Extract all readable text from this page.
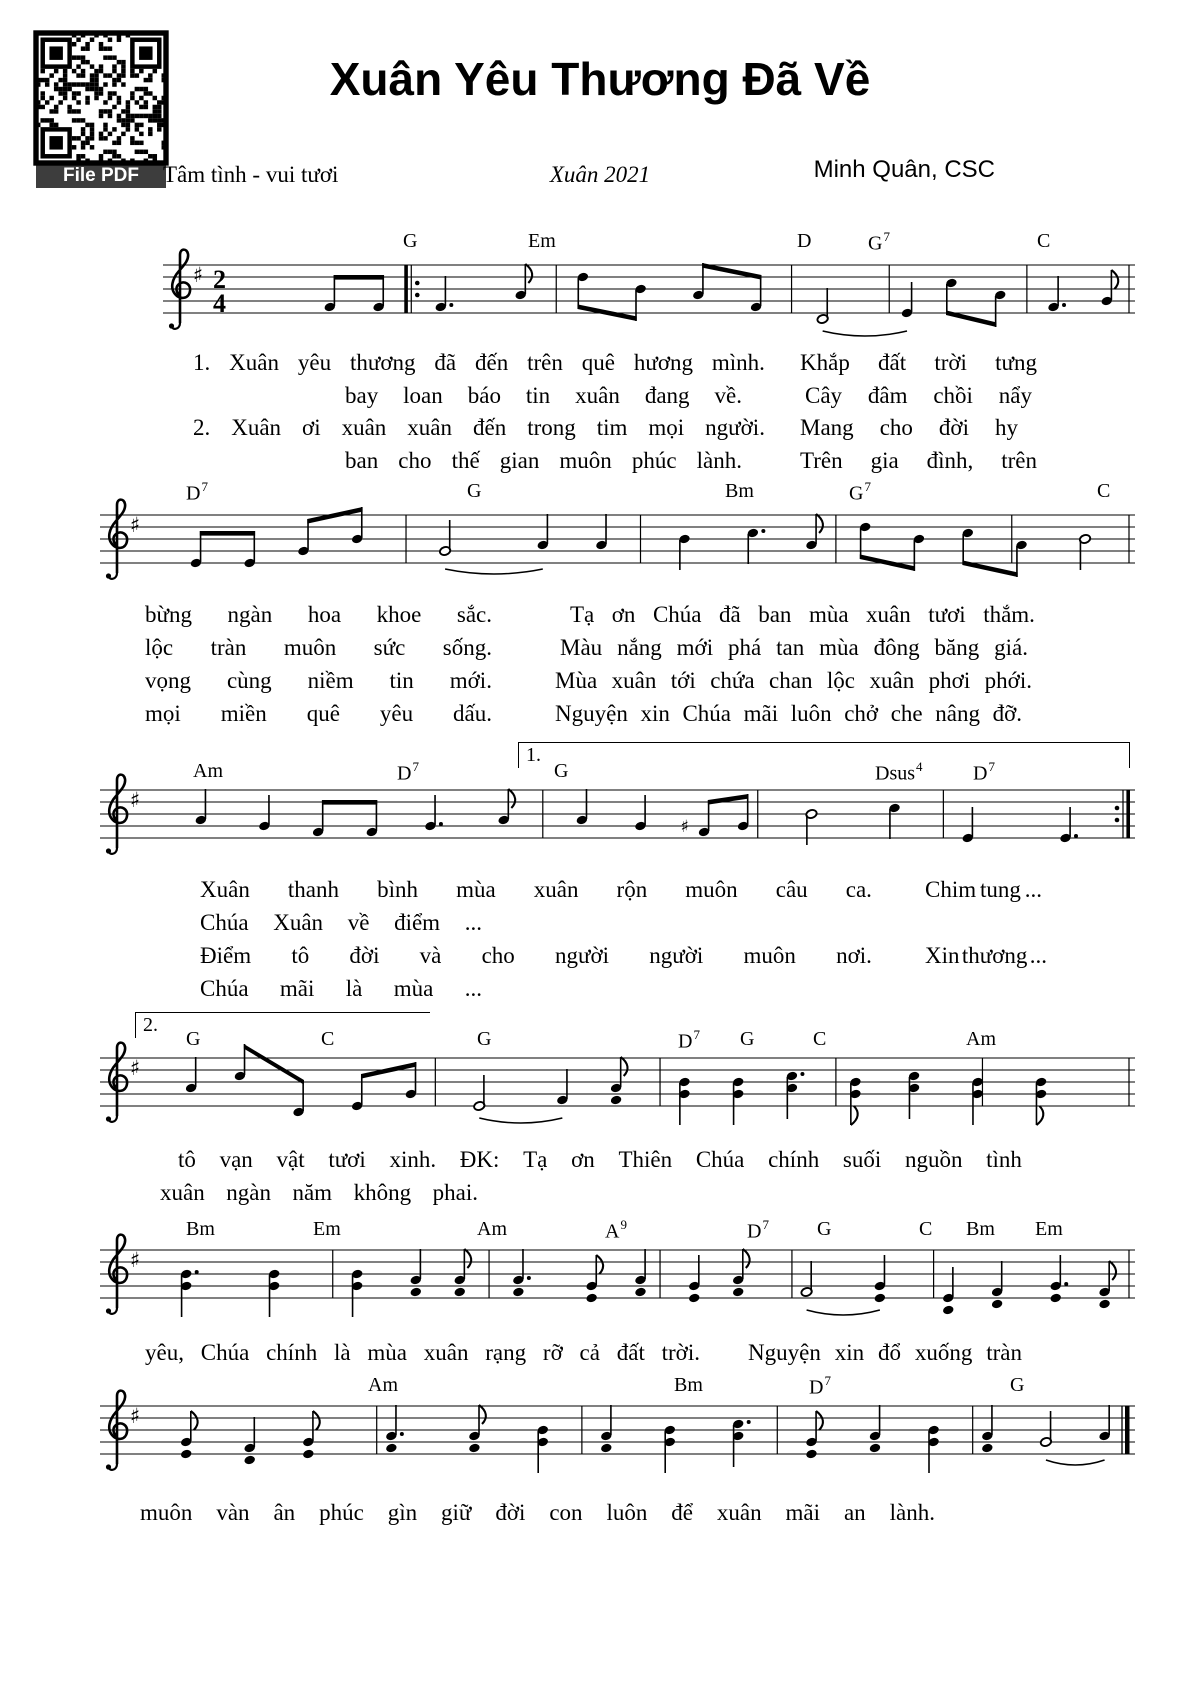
File PDF
Xuân Yêu Thương Đã Về
Tâm tình - vui tươi	Xuân 2021	Minh Quân, CSC
G	Em	D	$G^7$	C
♯ 2
4
1. Xuân yêu thương đã đến trên quê hương mình. Khắp đất trời tưng
bay loan báo tin xuân đang về.	Cây đâm chồi nẩy
2. Xuân ơi xuân xuân đến trong tim mọi người. Mang cho đời hy
ban cho thế gian muôn phúc lành.	Trên gia đình, trên
$D^7$	G	Bm	$G^7$	C
♯
bừng ngàn hoa khoe sắc.	Tạ ơn Chúa đã ban mùa xuân tươi thắm.
lộc tràn muôn sức sống.	Màu nắng mới phá tan mùa đông băng giá.
vọng cùng niềm tin mới.	Mùa xuân tới chứa chan lộc xuân phơi phới.
mọi miền quê yêu dấu.	Nguyện xin Chúa mãi luôn chở che nâng đỡ.
1.
Am	$D^7$	G	Dsus$^4$	$D^7$
♯
♯
Xuân thanh bình mùa xuân rộn muôn câu ca. Chim tung ...
Chúa Xuân về điểm ...
Điểm tô đời và cho người người muôn nơi. Xin thương ...
Chúa mãi là mùa ...
2.
G	C	G	$D^7$ G	C	Am
♯
tô vạn vật tươi xinh. ĐK: Tạ ơn Thiên Chúa chính suối nguồn tình
xuân ngàn năm không phai.
Bm	Em	Am	$A^9$	$D^7$ G	C Bm Em
♯
yêu, Chúa chính là mùa xuân rạng rỡ cả đất trời. Nguyện xin đổ xuống tràn
Am	Bm	$D^7$	G
♯
muôn vàn ân phúc gìn giữ đời con luôn để xuân mãi an lành.
